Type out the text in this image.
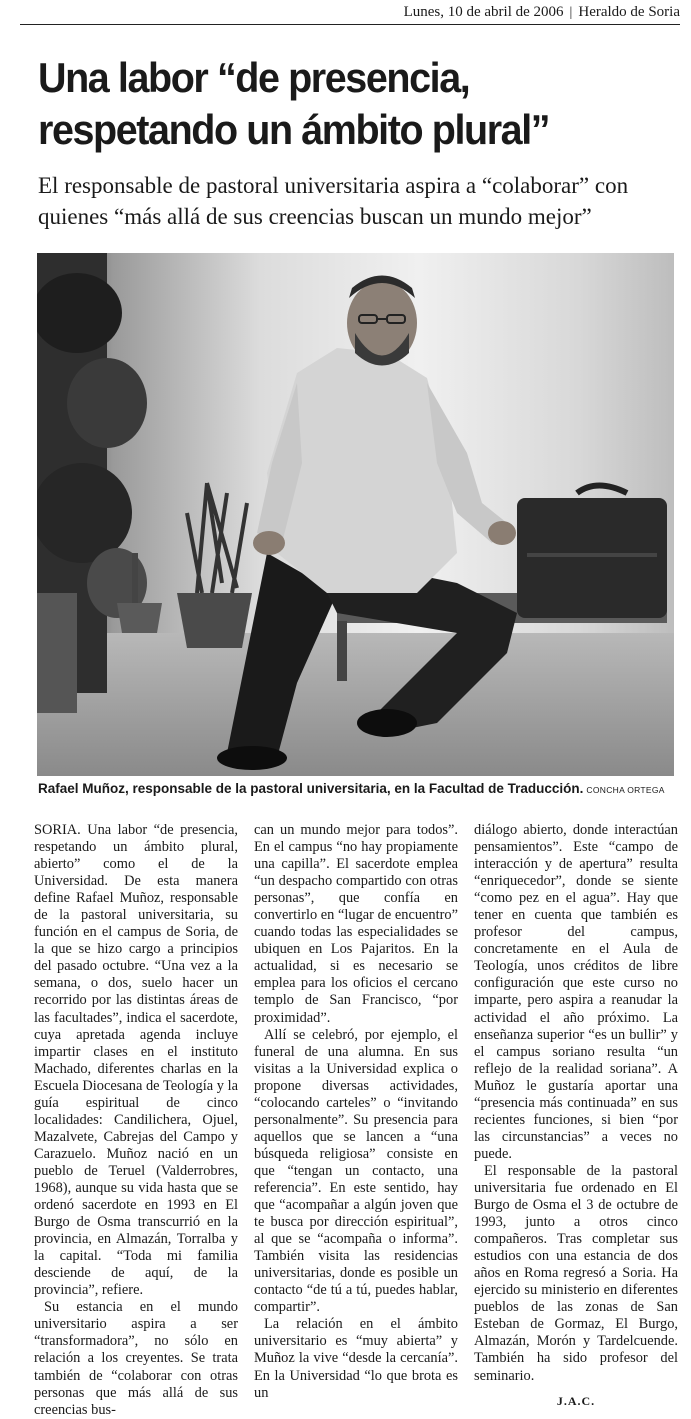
Lunes, 10 de abril de 2006 | Heraldo de Soria
Una labor “de presencia,
respetando un ámbito plural”
El responsable de pastoral universitaria aspira a “colaborar” con quienes “más allá de sus creencias buscan un mundo mejor”
Rafael Muñoz, responsable de la pastoral universitaria, en la Facultad de Traducción. CONCHA ORTEGA

SORIA. Una labor “de presencia, respetando un ámbito plural, abierto” como el de la Universidad. De esta manera define Rafael Muñoz, responsable de la pastoral universitaria, su función en el campus de Soria, de la que se hizo cargo a principios del pasado octubre. “Una vez a la semana, o dos, suelo hacer un recorrido por las distintas áreas de las facultades”, indica el sacerdote, cuya apretada agenda incluye impartir clases en el instituto Machado, diferentes charlas en la Escuela Diocesana de Teología y la guía espiritual de cinco localidades: Candilichera, Ojuel, Mazalvete, Cabrejas del Campo y Carazuelo. Muñoz nació en un pueblo de Teruel (Valderrobres, 1968), aunque su vida hasta que se ordenó sacerdote en 1993 en El Burgo de Osma transcurrió en la provincia, en Almazán, Torralba y la capital. “Toda mi familia desciende de aquí, de la provincia”, refiere.

Su estancia en el mundo universitario aspira a ser “transformadora”, no sólo en relación a los creyentes. Se trata también de “colaborar con otras personas que más allá de sus creencias bus-

can un mundo mejor para todos”. En el campus “no hay propiamente una capilla”. El sacerdote emplea “un despacho compartido con otras personas”, que confía en convertirlo en “lugar de encuentro” cuando todas las especialidades se ubiquen en Los Pajaritos. En la actualidad, si es necesario se emplea para los oficios el cercano templo de San Francisco, “por proximidad”.

Allí se celebró, por ejemplo, el funeral de una alumna. En sus visitas a la Universidad explica o propone diversas actividades, “colocando carteles” o “invitando personalmente”. Su presencia para aquellos que se lancen a “una búsqueda religiosa” consiste en que “tengan un contacto, una referencia”. En este sentido, hay que “acompañar a algún joven que te busca por dirección espiritual”, al que se “acompaña o informa”. También visita las residencias universitarias, donde es posible un contacto “de tú a tú, puedes hablar, compartir”.

La relación en el ámbito universitario es “muy abierta” y Muñoz la vive “desde la cercanía”. En la Universidad “lo que brota es un

diálogo abierto, donde interactúan pensamientos”. Este “campo de interacción y de apertura” resulta “enriquecedor”, donde se siente “como pez en el agua”. Hay que tener en cuenta que también es profesor del campus, concretamente en el Aula de Teología, unos créditos de libre configuración que este curso no imparte, pero aspira a reanudar la actividad el año próximo. La enseñanza superior “es un bullir” y el campus soriano resulta “un reflejo de la realidad soriana”. A Muñoz le gustaría aportar una “presencia más continuada” en sus recientes funciones, si bien “por las circunstancias” a veces no puede.

El responsable de la pastoral universitaria fue ordenado en El Burgo de Osma el 3 de octubre de 1993, junto a otros cinco compañeros. Tras completar sus estudios con una estancia de dos años en Roma regresó a Soria. Ha ejercido su ministerio en diferentes pueblos de las zonas de San Esteban de Gormaz, El Burgo, Almazán, Morón y Tardelcuende. También ha sido profesor del seminario.

J.A.C.
